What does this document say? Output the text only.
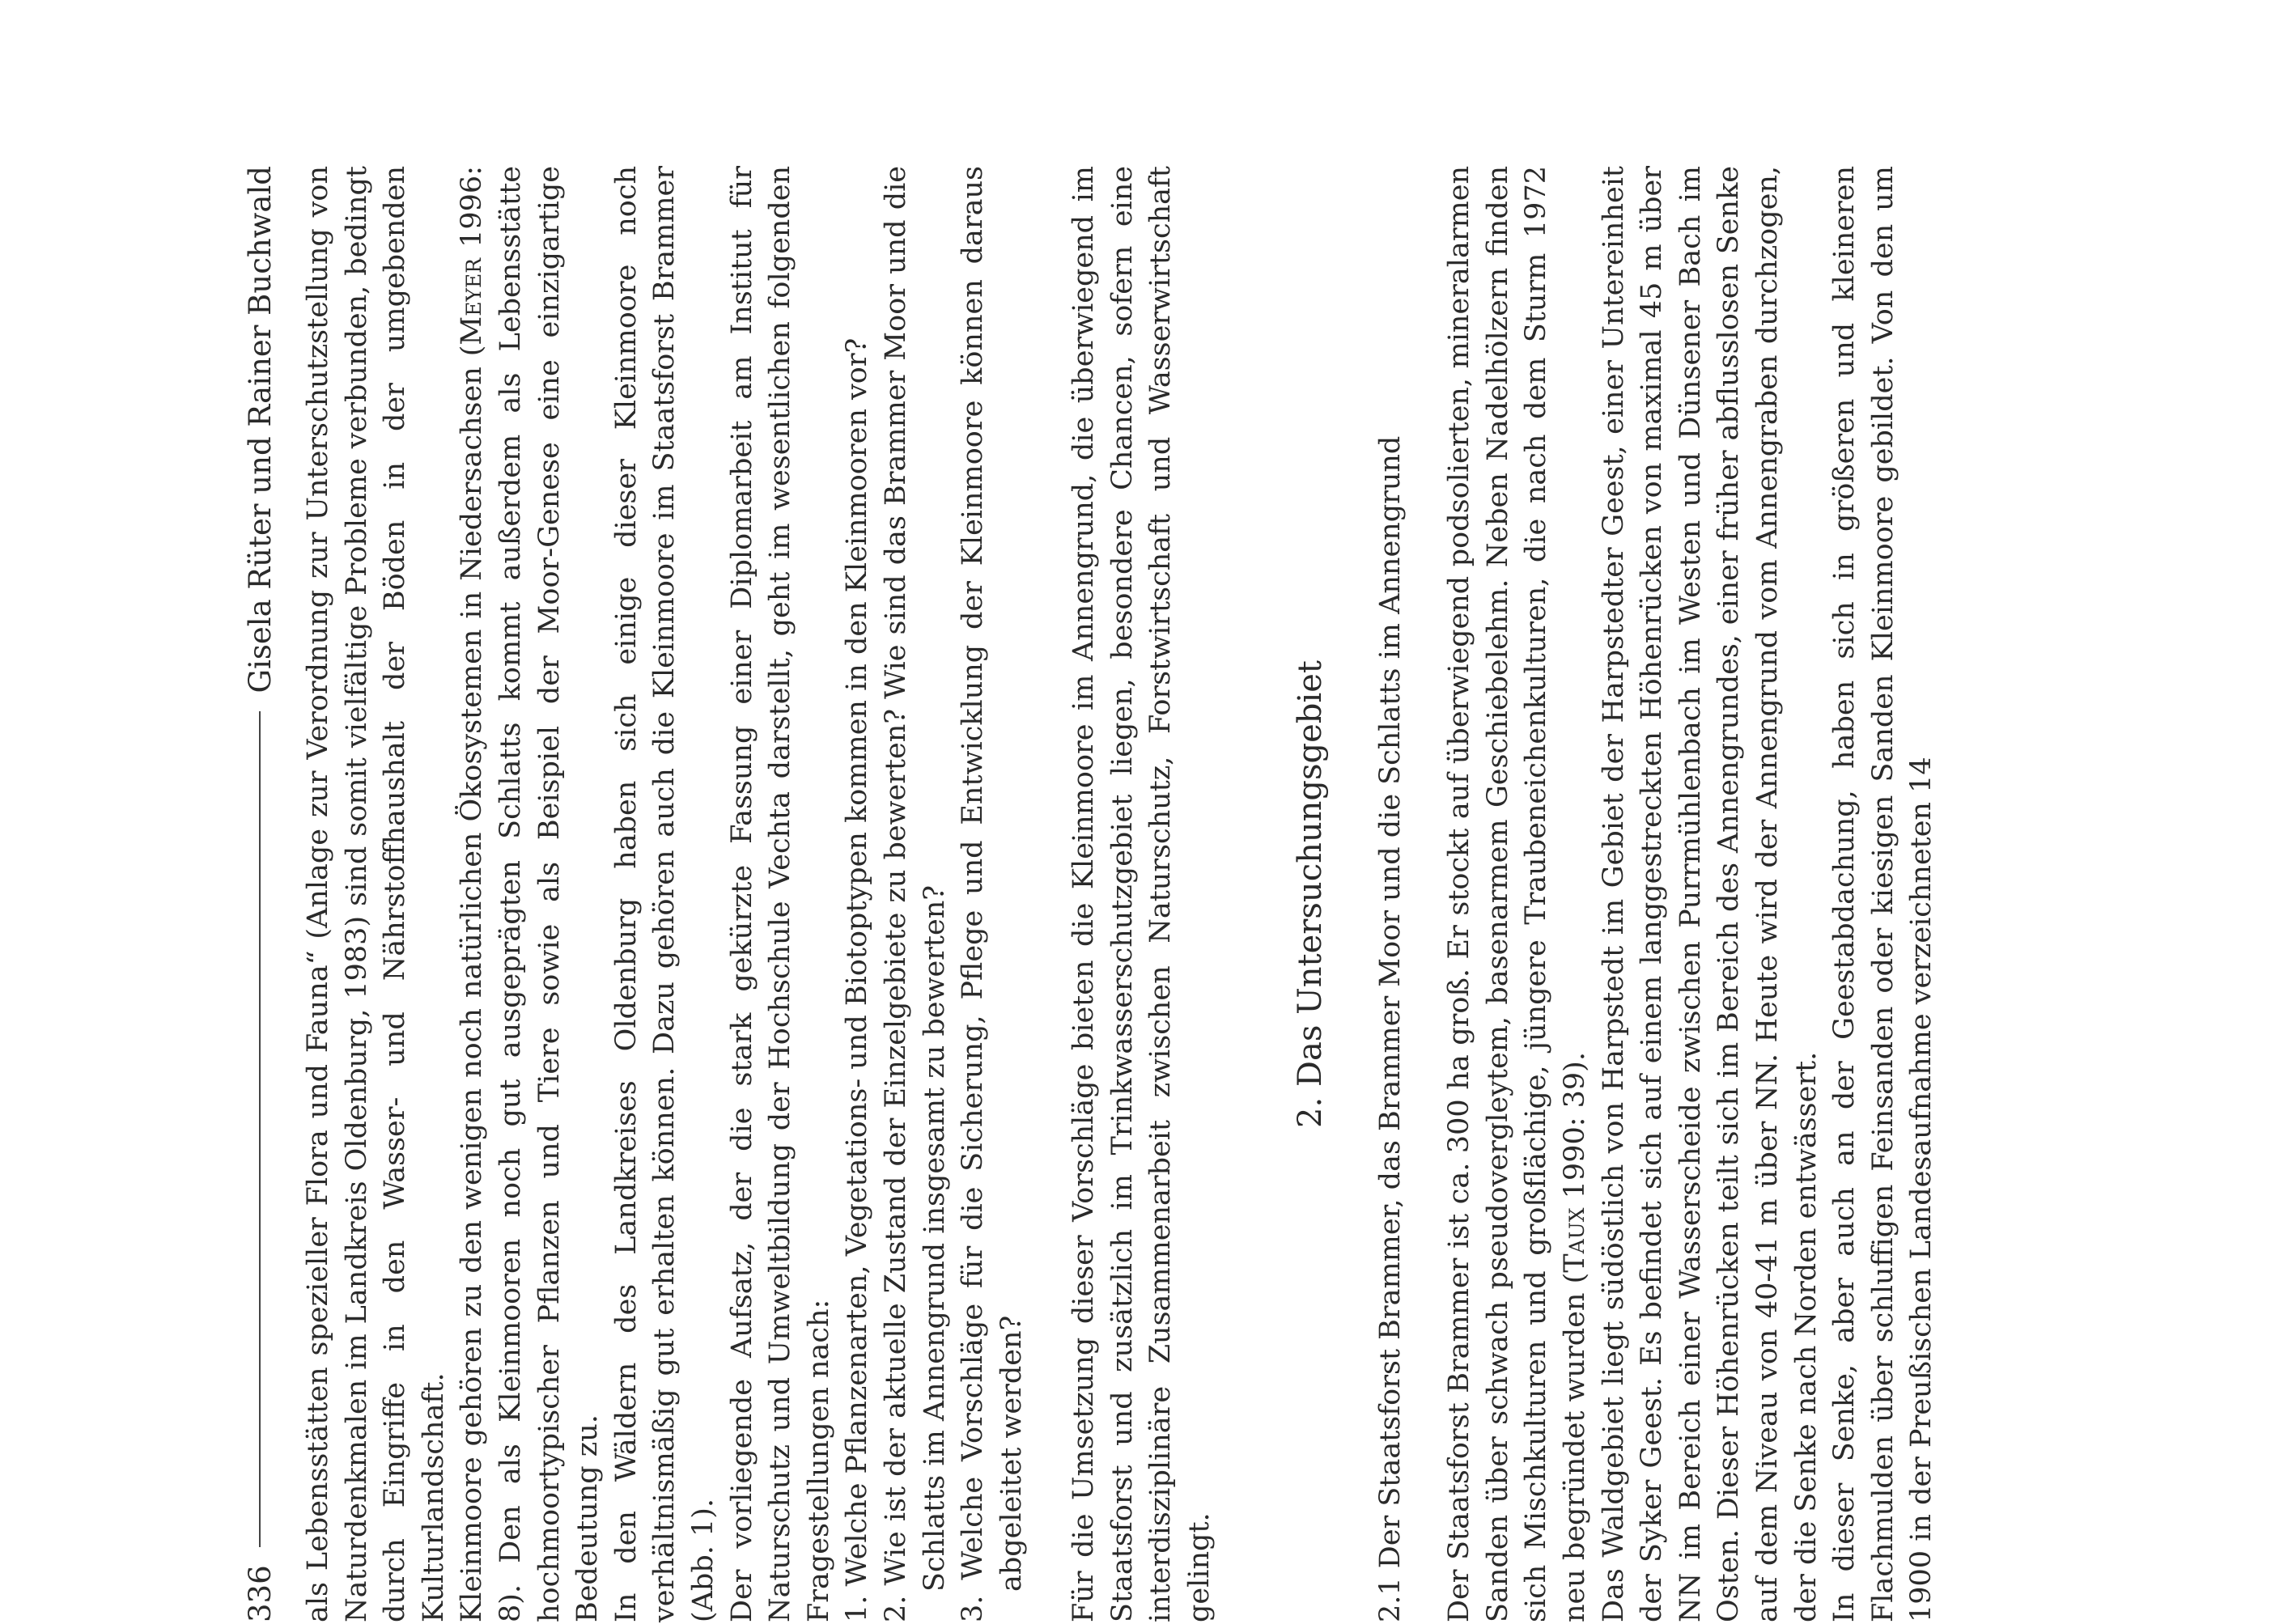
336
Gisela Rüter und Rainer Buchwald als Lebensstätten spezieller Flora und Fauna“ (Anlage zur Verordnung zur Unterschutzstellung von Naturdenkmalen im Landkreis Oldenburg, 1983) sind somit vielfältige Probleme verbunden, bedingt durch Eingriffe in den Wasser- und Nährstoffhaushalt der Böden in der umgebenden Kulturlandschaft. Kleinmoore gehören zu den wenigen noch natürlichen Ökosystemen in Niedersachsen (Meyer 1996: 8). Den als Kleinmooren noch gut ausgeprägten Schlatts kommt außerdem als Lebensstätte hochmoortypischer Pflanzen und Tiere sowie als Beispiel der Moor-Genese eine einzigartige Bedeutung zu. In den Wäldern des Landkreises Oldenburg haben sich einige dieser Kleinmoore noch verhältnismäßig gut erhalten können. Dazu gehören auch die Kleinmoore im Staatsforst Brammer (Abb. 1). Der vorliegende Aufsatz, der die stark gekürzte Fassung einer Diplomarbeit am Institut für Naturschutz und Umweltbildung der Hochschule Vechta darstellt, geht im wesentlichen folgenden Fragestellungen nach: 1. Welche Pflanzenarten, Vegetations- und Biotoptypen kommen in den Kleinmooren vor? 2. Wie ist der aktuelle Zustand der Einzelgebiete zu bewerten? Wie sind das Brammer Moor und die Schlatts im Annengrund insgesamt zu bewerten? 3. Welche Vorschläge für die Sicherung, Pflege und Entwicklung der Kleinmoore können daraus abgeleitet werden? Für die Umsetzung dieser Vorschläge bieten die Kleinmoore im Annengrund, die überwiegend im Staatsforst und zusätzlich im Trinkwasserschutzgebiet liegen, besondere Chancen, sofern eine interdisziplinäre Zusammenarbeit zwischen Naturschutz, Forstwirtschaft und Wasserwirtschaft gelingt.

2. Das Untersuchungsgebiet 2.1 Der Staatsforst Brammer, das Brammer Moor und die Schlatts im Annengrund Der Staatsforst Brammer ist ca. 300 ha groß. Er stockt auf überwiegend podsolierten, mineralarmen Sanden über schwach pseudovergleytem, basenarmem Geschiebelehm. Neben Nadelhölzern finden sich Mischkulturen und großflächige, jüngere Traubeneichenkulturen, die nach dem Sturm 1972 neu begründet wurden (Taux 1990: 39). Das Waldgebiet liegt südöstlich von Harpstedt im Gebiet der Harpstedter Geest, einer Untereinheit der Syker Geest. Es befindet sich auf einem langgestreckten Höhenrücken von maximal 45 m über NN im Bereich einer Wasserscheide zwischen Purrmühlenbach im Westen und Dünsener Bach im Osten. Dieser Höhenrücken teilt sich im Bereich des Annengrundes, einer früher abflusslosen Senke auf dem Niveau von 40-41 m über NN. Heute wird der Annengrund vom Annengraben durchzogen, der die Senke nach Norden entwässert. In dieser Senke, aber auch an der Geestabdachung, haben sich in größeren und kleineren Flachmulden über schluffigen Feinsanden oder kiesigen Sanden Kleinmoore gebildet. Von den um 1900 in der Preußischen Landesaufnahme verzeichneten 14
